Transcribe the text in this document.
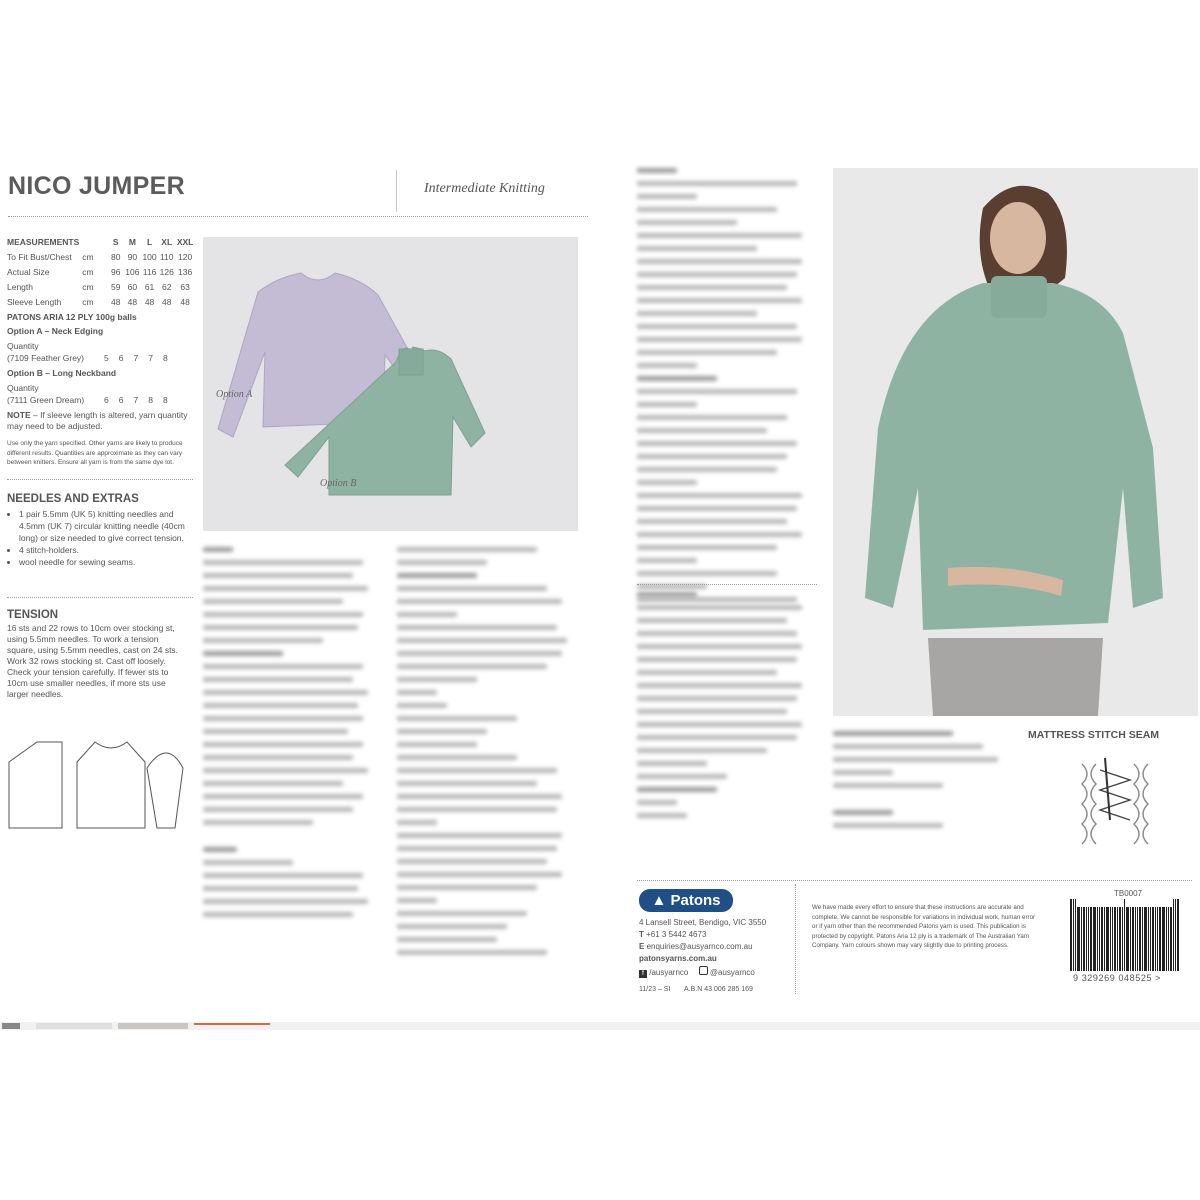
NICO JUMPER	Intermediate Knitting
MEASUREMENTS		S	M	L	XL	XXL
To Fit Bust/Chest	cm	80	90	100	110	120
Actual Size	cm	96	106	116	126	136
Length	cm	59	60	61	62	63
Sleeve Length	cm	48	48	48	48	48
PATONS ARIA 12 PLY 100g balls
Option A – Neck Edging
Quantity
(7109 Feather Grey) 5 6 7 7 8
Option B – Long Neckband
Quantity
(7111 Green Dream) 6 6 7 8 8
NOTE – If sleeve length is altered, yarn quantity may need to be adjusted.
Use only the yarn specified. Other yarns are likely to produce different results. Quantities are approximate as they can vary between knitters. Ensure all yarn is from the same dye lot.
NEEDLES AND EXTRAS
• 1 pair 5.5mm (UK 5) knitting needles and 4.5mm (UK 7) circular knitting needle (40cm long) or size needed to give correct tension.
• 4 stitch-holders.
• wool needle for sewing seams.
TENSION
16 sts and 22 rows to 10cm over stocking st, using 5.5mm needles. To work a tension square, using 5.5mm needles, cast on 24 sts. Work 32 rows stocking st. Cast off loosely. Check your tension carefully. If fewer sts to 10cm use smaller needles, if more sts use larger needles.
Option A
Option B
MATTRESS STITCH SEAM
▲ Patons
4 Lansell Street, Bendigo, VIC 3550
T +61 3 5442 4673
E enquiries@ausyarnco.com.au
patonsyarns.com.au
f /ausyarnco	@ausyarnco
11/23 – SI A.B.N 43 006 285 169
We have made every effort to ensure that these instructions are accurate and complete. We cannot be responsible for variations in individual work, human error or if yarn other than the recommended Patons yarn is used. This publication is protected by copyright. Patons Aria 12 ply is a trademark of The Australian Yarn Company. Yarn colours shown may vary slightly due to printing process.
TB0007
9 329269 048525 >
